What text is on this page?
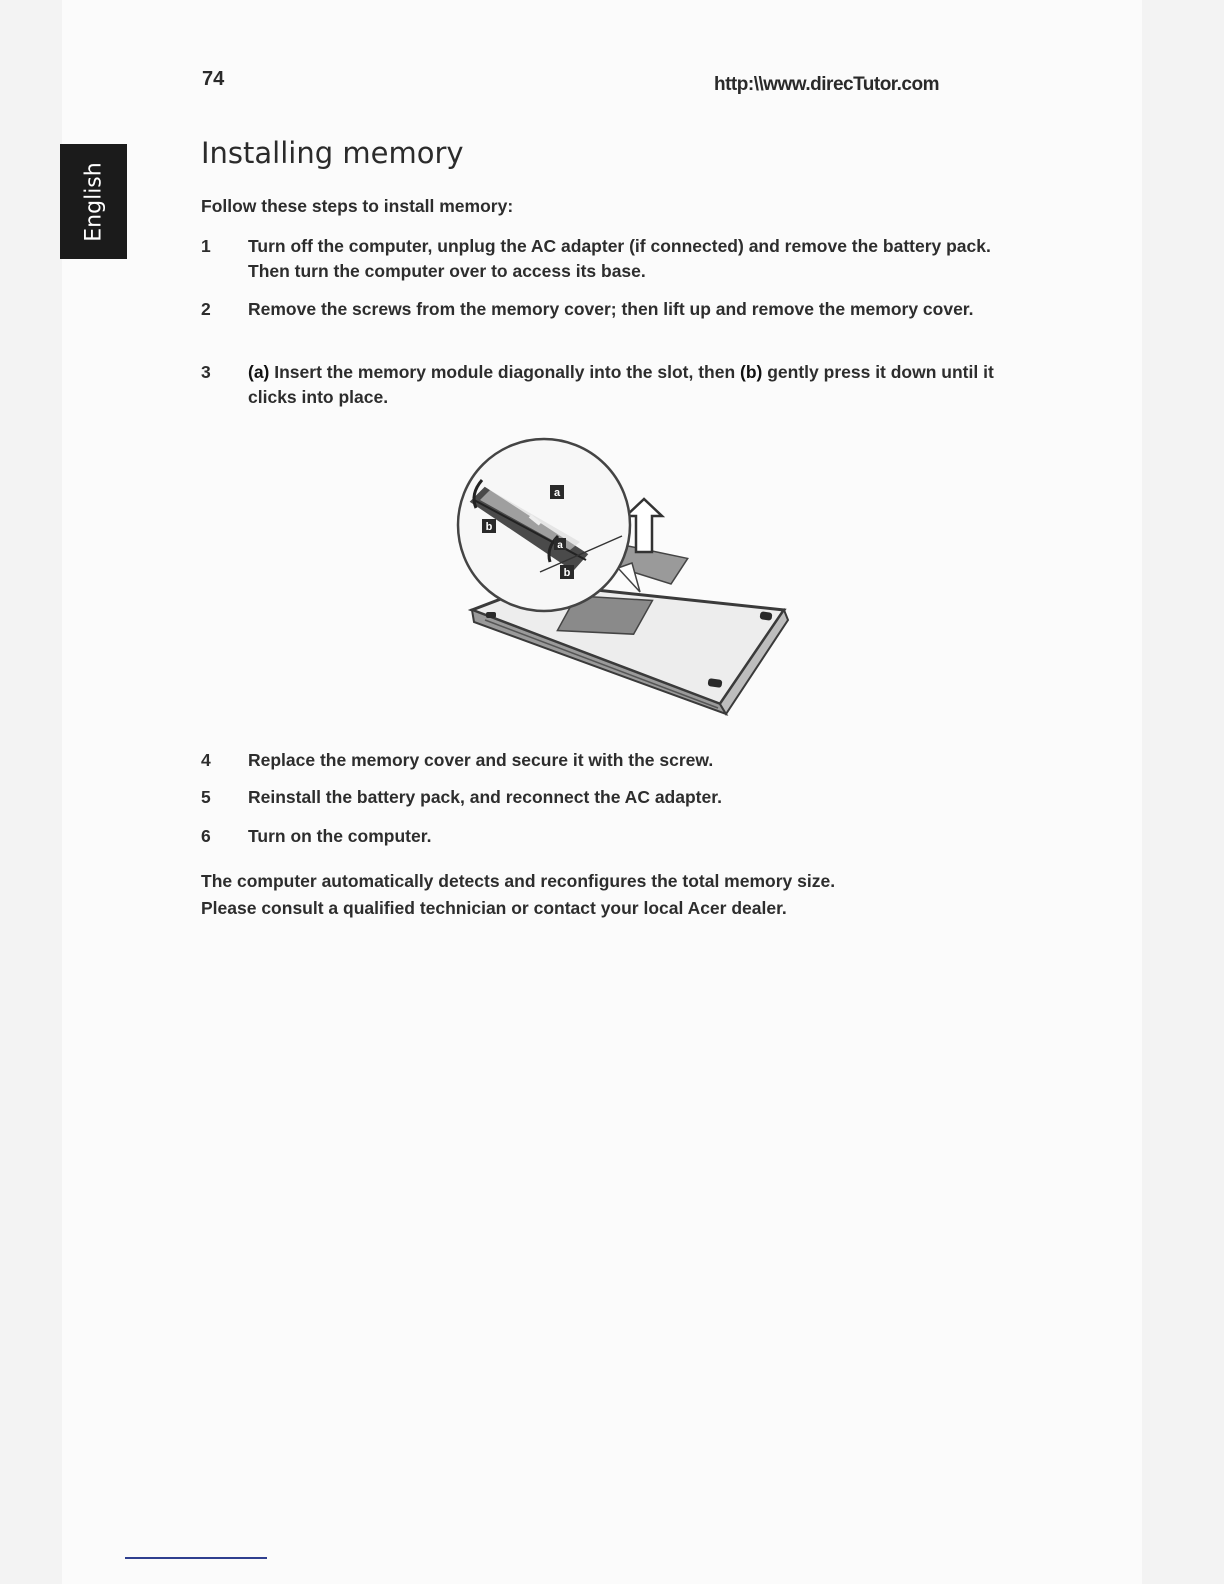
74	http:\\www.direcTutor.com
English
Installing memory
Follow these steps to install memory:
1	Turn off the computer, unplug the AC adapter (if connected) and remove the battery pack. Then turn the computer over to access its base.
2	Remove the screws from the memory cover; then lift up and remove the memory cover.
3	(a) Insert the memory module diagonally into the slot, then (b) gently press it down until it clicks into place.
a
b
b
a
4	Replace the memory cover and secure it with the screw.
5	Reinstall the battery pack, and reconnect the AC adapter.
6	Turn on the computer.
The computer automatically detects and reconfigures the total memory size.
Please consult a qualified technician or contact your local Acer dealer.
